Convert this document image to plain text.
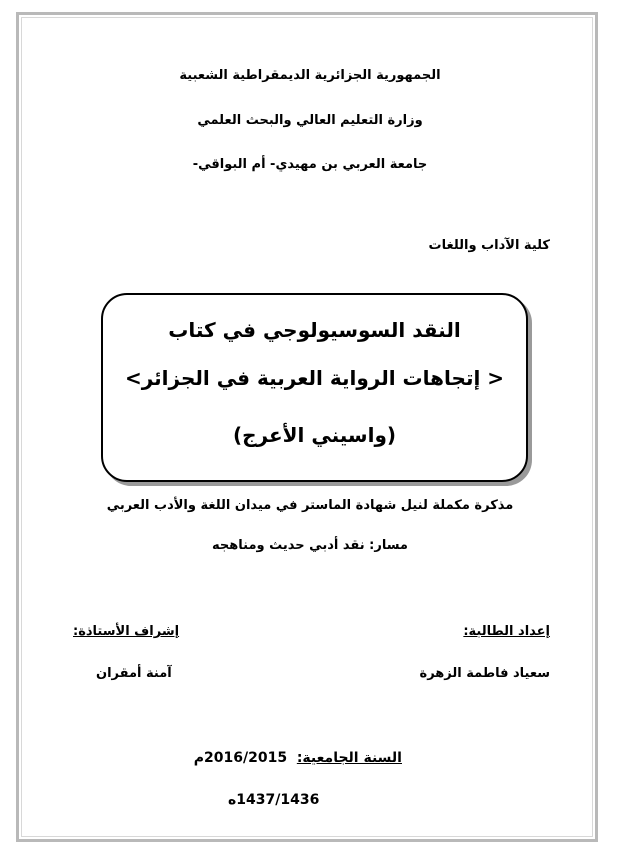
الجمهورية الجزائرية الديمقراطية الشعبية
وزارة التعليم العالي والبحث العلمي
جامعة العربي بن مهيدي- أم البواقي-
كلية الآداب واللغات
النقد السوسيولوجي في كتاب
< إتجاهات الرواية العربية في الجزائر>
(واسيني الأعرج)
مذكرة مكملة لنيل شهادة الماستر في ميدان اللغة والأدب العربي
مسار: نقد أدبي حديث ومناهجه
إعداد الطالبة:
إشراف الأستاذة:
سعياد فاطمة الزهرة
آمنة أمقران
السنة الجامعية:  2016/2015م
1437/1436ه
